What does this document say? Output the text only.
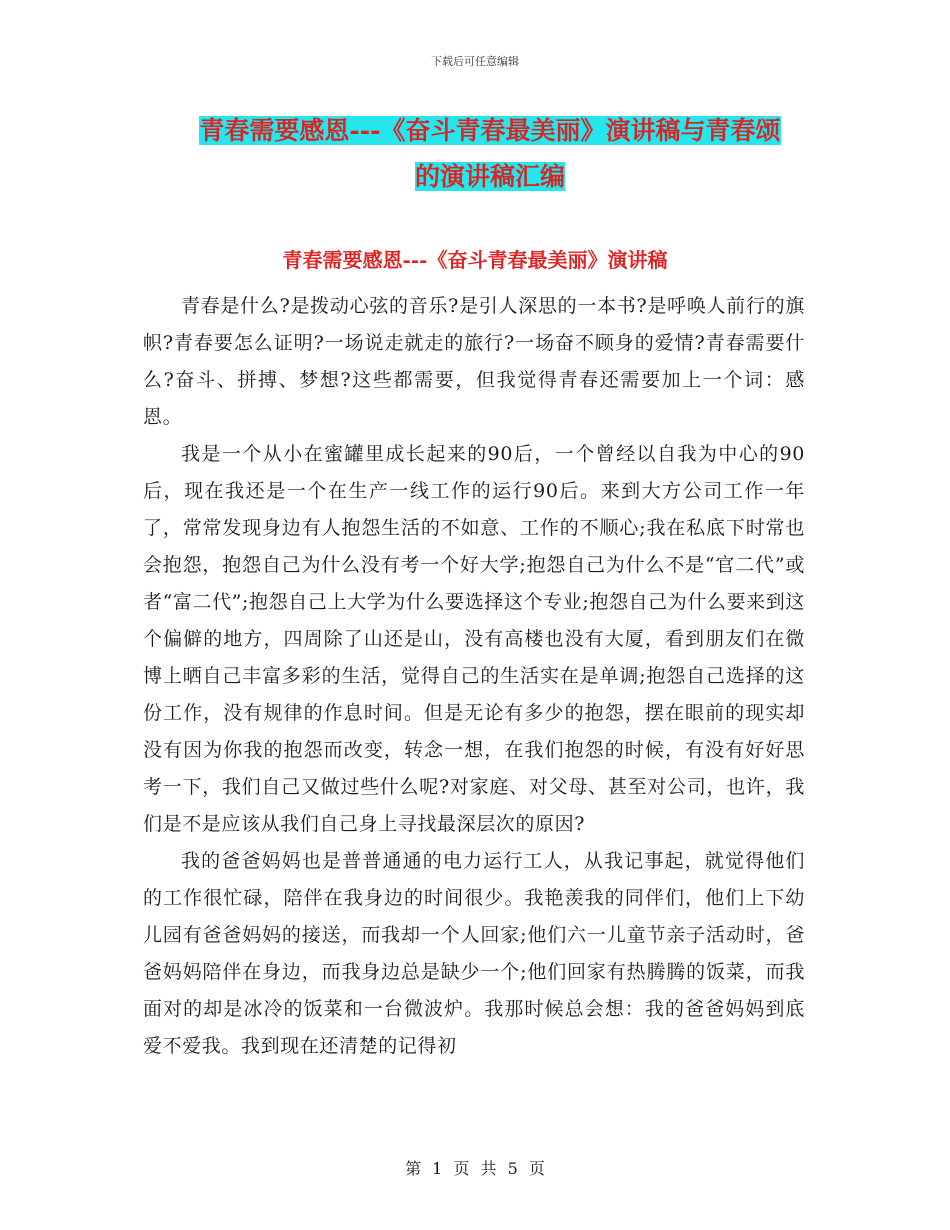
下载后可任意编辑
青春需要感恩---《奋斗青春最美丽》演讲稿与青春颂
的演讲稿汇编
青春需要感恩---《奋斗青春最美丽》演讲稿

青春是什么?是拨动心弦的音乐?是引人深思的一本书?是呼唤人前行的旗帜?青春要怎么证明?一场说走就走的旅行?一场奋不顾身的爱情?青春需要什么?奋斗、拼搏、梦想?这些都需要，但我觉得青春还需要加上一个词：感恩。

我是一个从小在蜜罐里成长起来的90后，一个曾经以自我为中心的90后，现在我还是一个在生产一线工作的运行90后。来到大方公司工作一年了，常常发现身边有人抱怨生活的不如意、工作的不顺心;我在私底下时常也会抱怨，抱怨自己为什么没有考一个好大学;抱怨自己为什么不是“官二代”或者“富二代”;抱怨自己上大学为什么要选择这个专业;抱怨自己为什么要来到这个偏僻的地方，四周除了山还是山，没有高楼也没有大厦，看到朋友们在微博上晒自己丰富多彩的生活，觉得自己的生活实在是单调;抱怨自己选择的这份工作，没有规律的作息时间。但是无论有多少的抱怨，摆在眼前的现实却没有因为你我的抱怨而改变，转念一想，在我们抱怨的时候，有没有好好思考一下，我们自己又做过些什么呢?对家庭、对父母、甚至对公司，也许，我们是不是应该从我们自己身上寻找最深层次的原因?

我的爸爸妈妈也是普普通通的电力运行工人，从我记事起，就觉得他们的工作很忙碌，陪伴在我身边的时间很少。我艳羡我的同伴们，他们上下幼儿园有爸爸妈妈的接送，而我却一个人回家;他们六一儿童节亲子活动时，爸爸妈妈陪伴在身边，而我身边总是缺少一个;他们回家有热腾腾的饭菜，而我面对的却是冰冷的饭菜和一台微波炉。我那时候总会想：我的爸爸妈妈到底爱不爱我。我到现在还清楚的记得初

第 1 页 共 5 页
